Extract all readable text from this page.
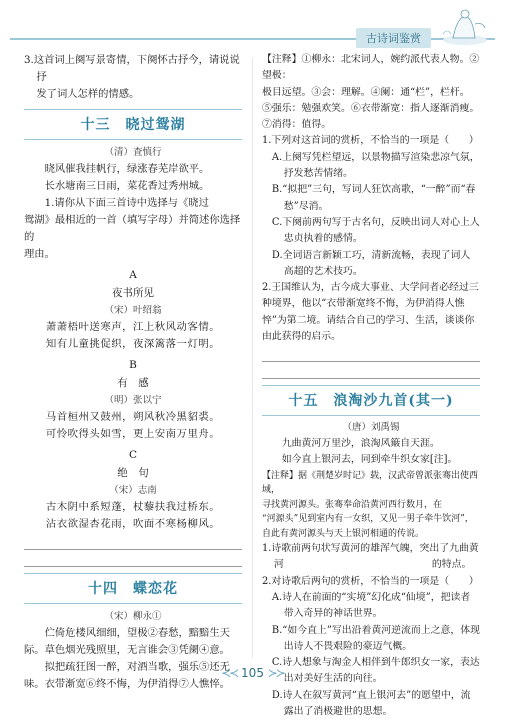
古诗词鉴赏

3.这首词上阕写景寄情，下阕怀古抒今，请说说抒

发了词人怎样的情感。

十三　晓过鸳湖
（清）査慎行

晓风催我挂帆行，绿涨春芜岸欲平。

长水塘南三日雨，菜花香过秀州城。

1.请你从下面三首诗中选择与《晓过

鸳湖》最相近的一首（填写字母）并简述你选择的

理由。

A
夜书所见
（宋）叶绍翁

萧萧梧叶送寒声，江上秋风动客情。

知有儿童挑促织，夜深篱落一灯明。

B
有　感
（明）张以宁

马首桓州又鼓州，朔风秋冷黑貂裘。

可怜吹得头如雪，更上安南万里舟。

C
绝　句
（宋）志南

古木阴中系短蓬，杖藜扶我过桥东。

沾衣欲湿杏花雨，吹面不寒杨柳风。

十四　蝶恋花
（宋）柳永①

伫倚危楼风细细，望极②春愁，黯黯生天

际。草色烟光残照里，无言谁会③凭阑④意。

拟把疏狂图一醉，对酒当歌，强乐⑤还无

味。衣带渐宽⑥终不悔，为伊消得⑦人憔悴。

【注释】①柳永：北宋词人，婉约派代表人物。②望极：

极目远望。③会：理解。④阑：通“栏”，栏杆。

⑤强乐：勉强欢笑。⑥衣带渐宽：指人逐渐消瘦。

⑦消得：值得。

1.下列对这首词的赏析，不恰当的一项是（　　）

A.上阕写凭栏望远，以景物描写渲染悲凉气氛，抒发愁苦情绪。

B.“拟把”三句，写词人狂饮高歌，“一醉”而“春愁”尽消。

C.下阕前两句写于古名句，反映出词人对心上人忠贞执着的感情。

D.全词语言新颖工巧，清新流畅，表现了词人高超的艺术技巧。

2.王国维认为，古今成大事业、大学问者必经过三

种境界，他以“衣带渐宽终不悔，为伊消得人憔

悴”为第二境。请结合自己的学习、生活，谈谈你

由此获得的启示。

十五　浪淘沙九首(其一)
（唐）刘禹锡

九曲黄河万里沙，浪淘风簸自天涯。

如今直上银河去，同到牵牛织女家[注]。

【注释】据《荆楚岁时记》载，汉武帝曾派张骞出使西域，

寻找黄河源头。张骞奉命沿黄河西行数月，在

“河源头”见到室内有一女织，又见一男子牵牛饮河”，

自此有黄河源头与天上银河相通的传说。

1.诗歌前两句状写黄河的雄浑气魄，突出了九曲黄

河　　　　　　　　　　　　　　　的特点。

2.对诗歌后两句的赏析，不恰当的一项是（　　）

A.诗人在前面的“实境”幻化成“仙境”，把读者带入奇异的神话世界。

B.“如今直上”写出沿着黄河逆流而上之意，体现出诗人不畏艰险的豪迈气概。

C.诗人想象与淘金人相伴到牛郎织女一家，表达出对美好生活的向往。

D.诗人在叙写黄河“直上银河去”的愿望中，流露出了消极避世的思想。

≺≺ 105 ≻≻
